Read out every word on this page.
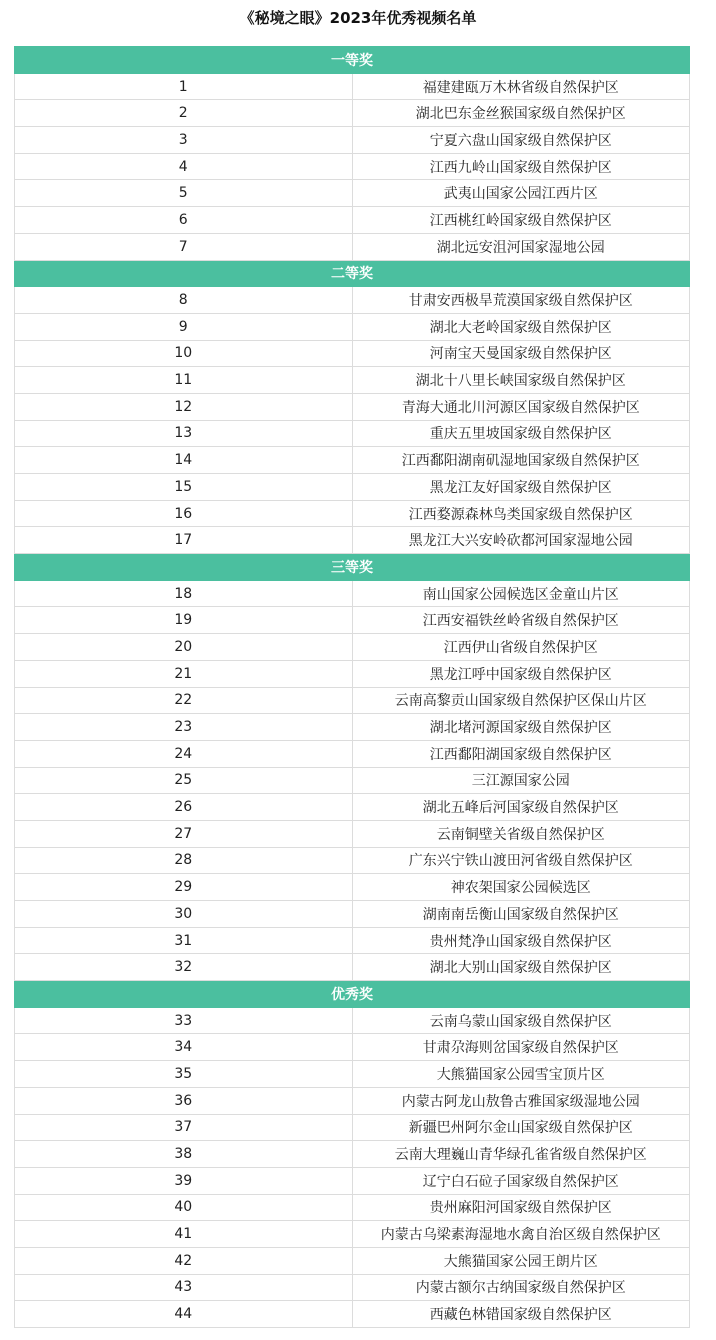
《秘境之眼》2023年优秀视频名单
一等奖	
1	福建建瓯万木林省级自然保护区
2	湖北巴东金丝猴国家级自然保护区
3	宁夏六盘山国家级自然保护区
4	江西九岭山国家级自然保护区
5	武夷山国家公园江西片区
6	江西桃红岭国家级自然保护区
7	湖北远安沮河国家湿地公园
二等奖	
8	甘肃安西极旱荒漠国家级自然保护区
9	湖北大老岭国家级自然保护区
10	河南宝天曼国家级自然保护区
11	湖北十八里长峡国家级自然保护区
12	青海大通北川河源区国家级自然保护区
13	重庆五里坡国家级自然保护区
14	江西鄱阳湖南矶湿地国家级自然保护区
15	黑龙江友好国家级自然保护区
16	江西婺源森林鸟类国家级自然保护区
17	黑龙江大兴安岭砍都河国家湿地公园
三等奖	
18	南山国家公园候选区金童山片区
19	江西安福铁丝岭省级自然保护区
20	江西伊山省级自然保护区
21	黑龙江呼中国家级自然保护区
22	云南高黎贡山国家级自然保护区保山片区
23	湖北堵河源国家级自然保护区
24	江西鄱阳湖国家级自然保护区
25	三江源国家公园
26	湖北五峰后河国家级自然保护区
27	云南铜壁关省级自然保护区
28	广东兴宁铁山渡田河省级自然保护区
29	神农架国家公园候选区
30	湖南南岳衡山国家级自然保护区
31	贵州梵净山国家级自然保护区
32	湖北大别山国家级自然保护区
优秀奖	
33	云南乌蒙山国家级自然保护区
34	甘肃尕海则岔国家级自然保护区
35	大熊猫国家公园雪宝顶片区
36	内蒙古阿龙山敖鲁古雅国家级湿地公园
37	新疆巴州阿尔金山国家级自然保护区
38	云南大理巍山青华绿孔雀省级自然保护区
39	辽宁白石砬子国家级自然保护区
40	贵州麻阳河国家级自然保护区
41	内蒙古乌梁素海湿地水禽自治区级自然保护区
42	大熊猫国家公园王朗片区
43	内蒙古额尔古纳国家级自然保护区
44	西藏色林错国家级自然保护区
